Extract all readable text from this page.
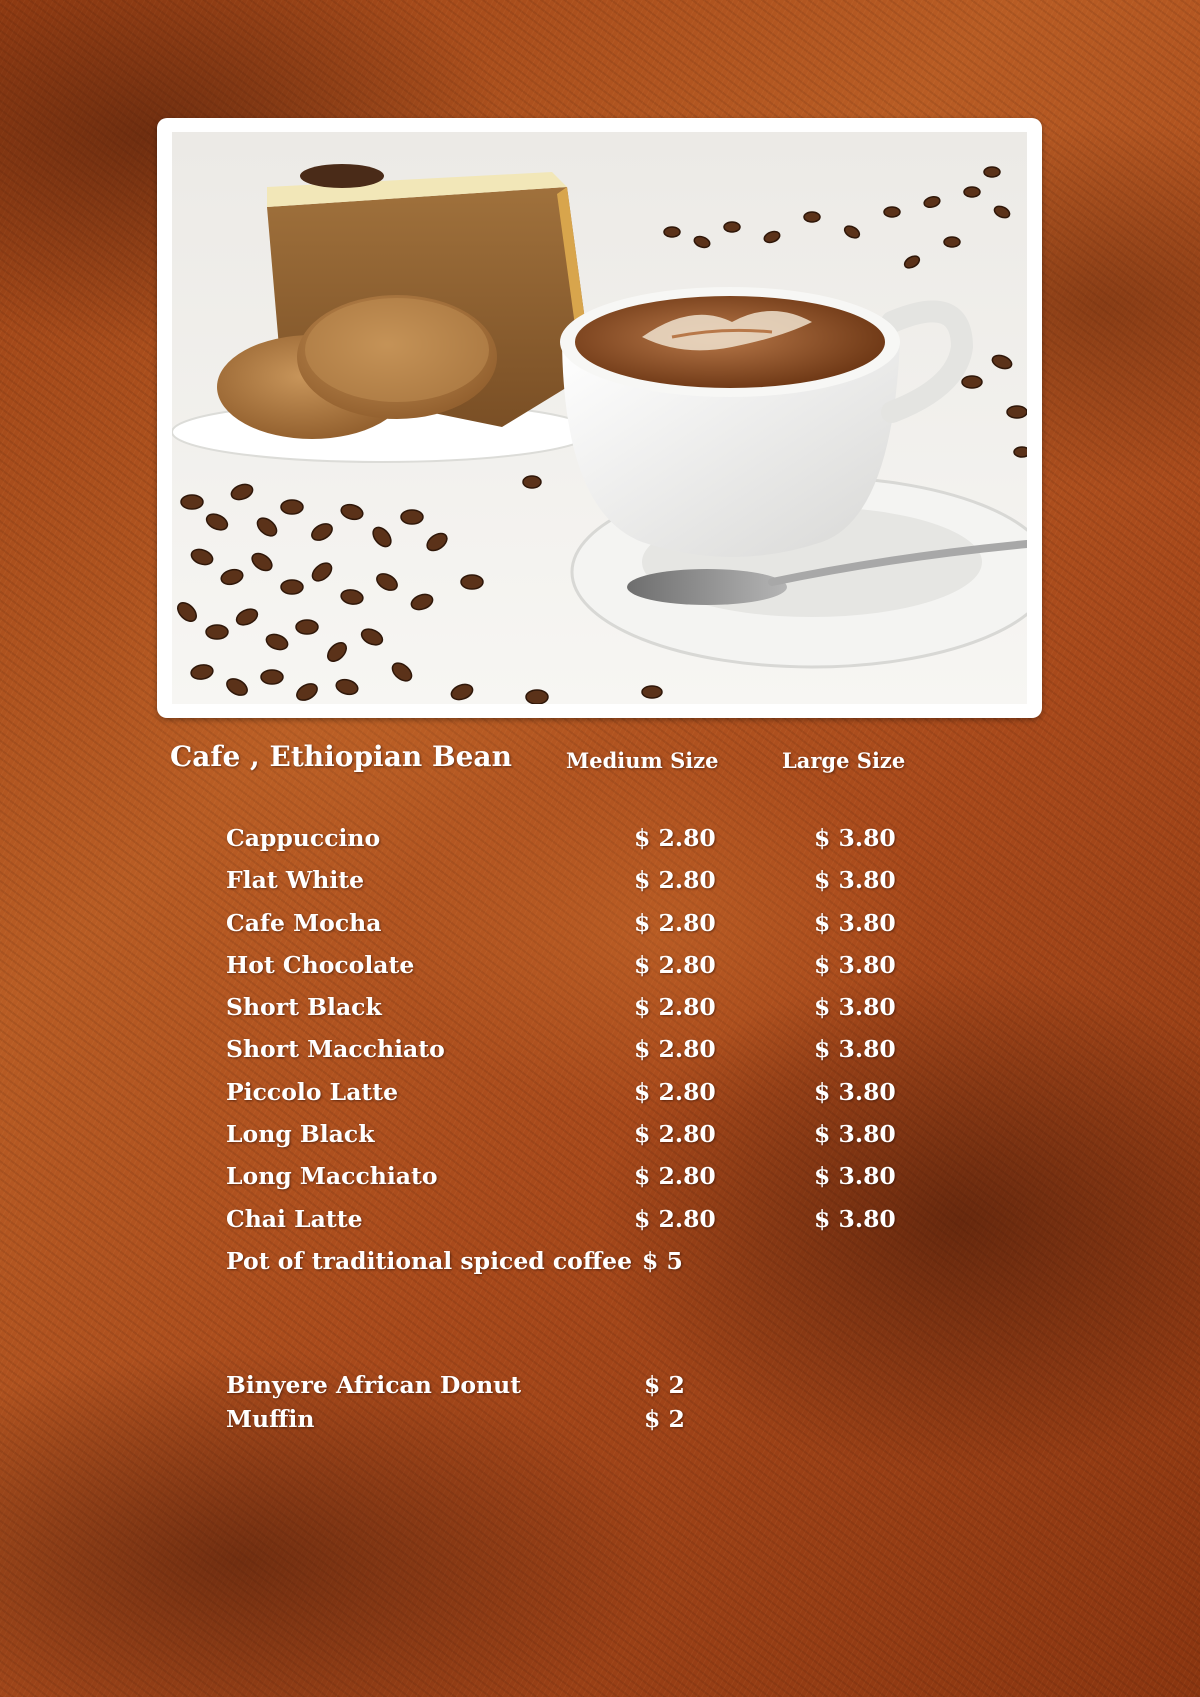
Cafe , Ethiopian Bean	Medium Size	Large Size
Cappuccino	$ 2.80	$ 3.80
Flat White	$ 2.80	$ 3.80
Cafe Mocha	$ 2.80	$ 3.80
Hot Chocolate	$ 2.80	$ 3.80
Short Black	$ 2.80	$ 3.80
Short Macchiato	$ 2.80	$ 3.80
Piccolo Latte	$ 2.80	$ 3.80
Long Black	$ 2.80	$ 3.80
Long Macchiato	$ 2.80	$ 3.80
Chai Latte	$ 2.80	$ 3.80
Pot of traditional spiced coffee $ 5
Binyere African Donut	$ 2
Muffin	$ 2
